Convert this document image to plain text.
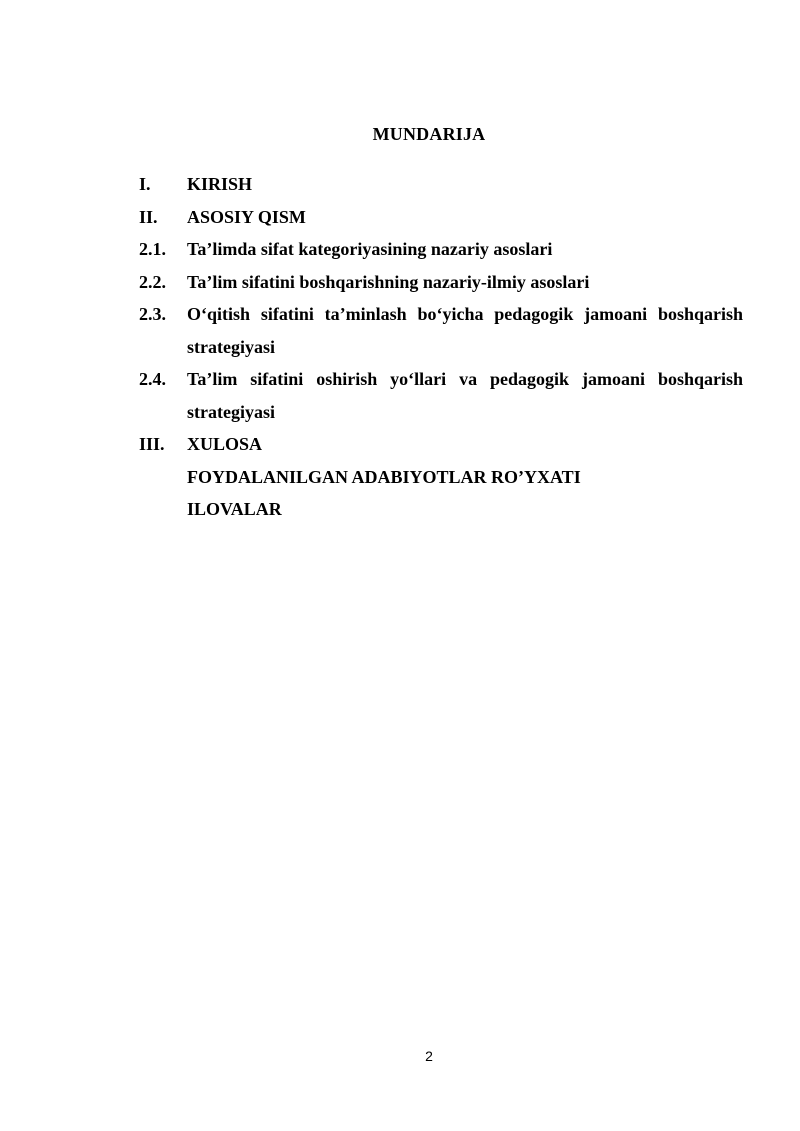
MUNDARIJA
I.	KIRISH
II.	ASOSIY QISM
2.1.	Ta’limda sifat kategoriyasining nazariy asoslari
2.2.	Ta’lim sifatini boshqarishning nazariy-ilmiy asoslari
2.3.	O‘qitish sifatini ta’minlash bo‘yicha pedagogik jamoani boshqarish strategiyasi
2.4.	Ta’lim sifatini oshirish yo‘llari va pedagogik jamoani boshqarish strategiyasi
III.	XULOSA
FOYDALANILGAN ADABIYOTLAR RO’YXATI
ILOVALAR
2
